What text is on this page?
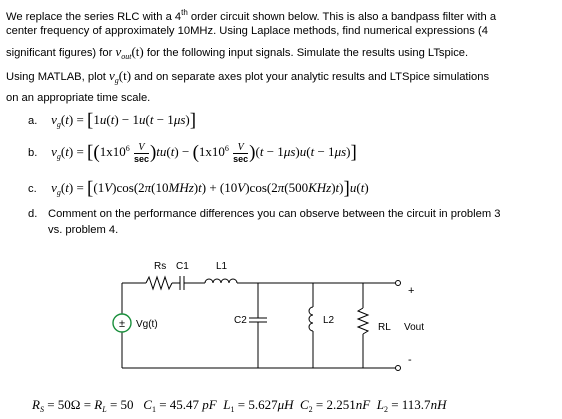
We replace the series RLC with a 4th order circuit shown below. This is also a bandpass filter with a
center frequency of approximately 10MHz. Using Laplace methods, find numerical expressions (4
significant figures) for $v_{out}(t)$ for the following input signals. Simulate the results using LTspice.
Using MATLAB, plot $v_g(t)$ and on separate axes plot your analytic results and LTSpice simulations
on an appropriate time scale.
a. $v_g(t) = [1u(t) - 1u(t - 1\mu s)]$
b. $v_g(t) = [(1x10^6 \frac{V}{\sec} )tu(t) - (1x10^6 \frac{V}{\sec} )(t - 1\mu s)u(t - 1\mu s)]$
c. $v_g(t) = [(1V)\cos(2\pi(10MHz)t) + (10V)\cos(2\pi(500KHz)t)]u(t)$
d. Comment on the performance differences you can observe between the circuit in problem 3
vs. problem 4.
±
Rs C1	L1
Vg(t)	C2	L2
RL Vout
+
-
$R_S = 50\Omega = R_L = 50$   $C_1 = 45.47$ pF $L_1 = 5.627\mu H$ $C_2 = 2.251nF$ $L_2 = 113.7nH$
